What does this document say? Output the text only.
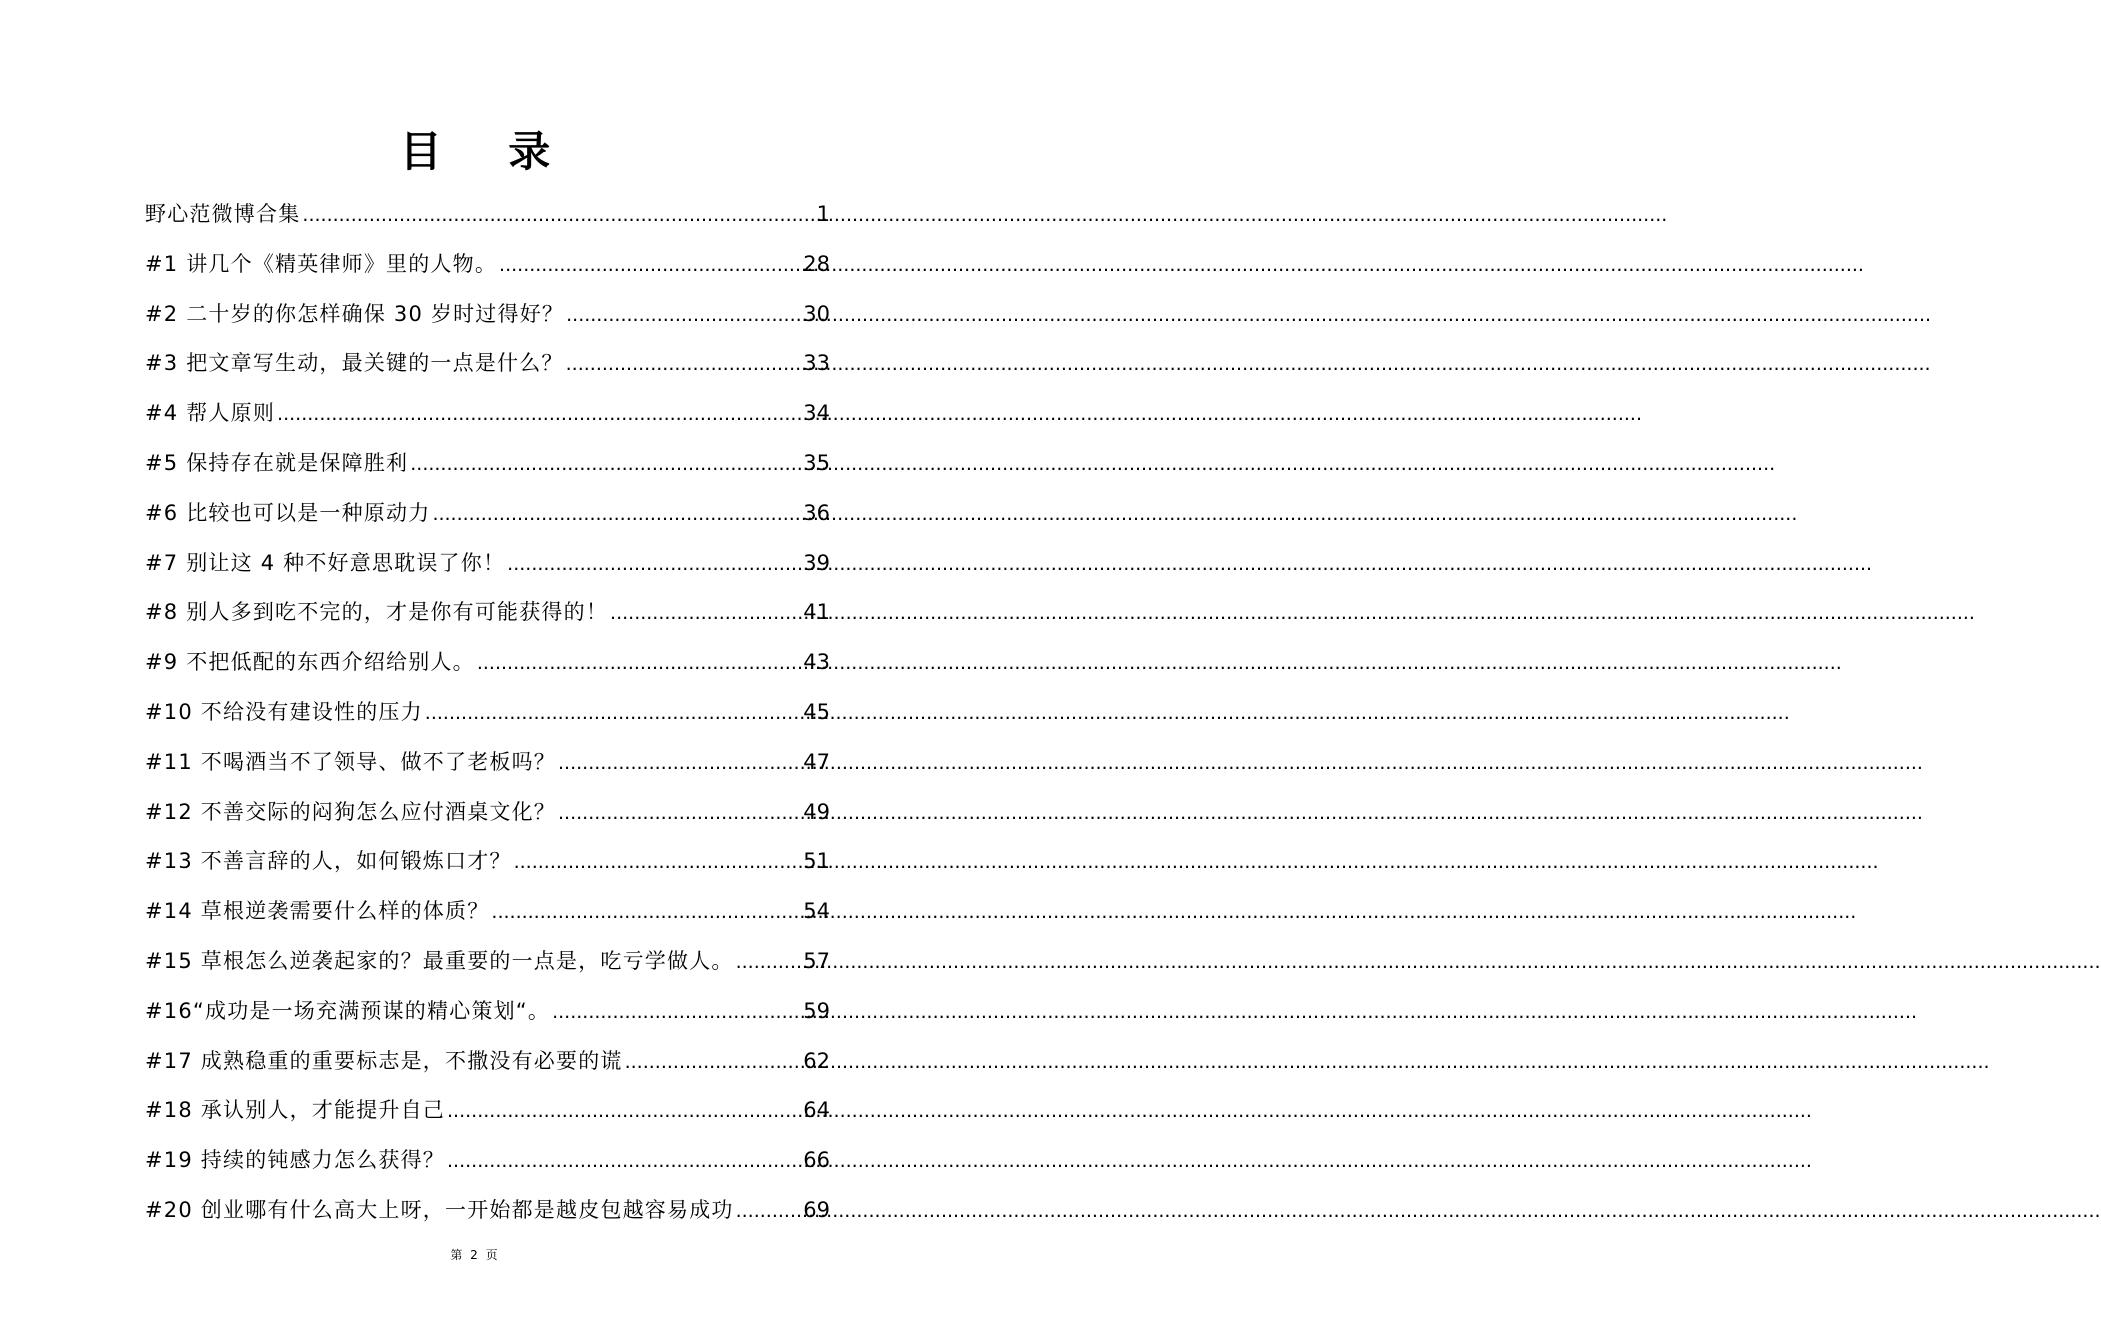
目 录
野心范微博合集 .....	1
#1 讲几个《精英律师》里的人物。 .....	28
#2 二十岁的你怎样确保 30 岁时过得好？ .....	30
#3 把文章写生动，最关键的一点是什么？ .....	33
#4 帮人原则 .....	34
#5 保持存在就是保障胜利 .....	35
#6 比较也可以是一种原动力 .....	36
#7 别让这 4 种不好意思耽误了你！ .....	39
#8 别人多到吃不完的，才是你有可能获得的！ .....	41
#9 不把低配的东西介绍给别人。 .....	43
#10 不给没有建设性的压力 .....	45
#11 不喝酒当不了领导、做不了老板吗？ .....	47
#12 不善交际的闷狗怎么应付酒桌文化？ .....	49
#13 不善言辞的人，如何锻炼口才？ .....	51
#14 草根逆袭需要什么样的体质？ .....	54
#15 草根怎么逆袭起家的？最重要的一点是，吃亏学做人。 .....	57
#16“成功是一场充满预谋的精心策划“。 .....	59
#17 成熟稳重的重要标志是，不撒没有必要的谎 .....	62
#18 承认别人，才能提升自己 .....	64
#19 持续的钝感力怎么获得？ .....	66
#20 创业哪有什么高大上呀，一开始都是越皮包越容易成功 .....	69
第 2 页
